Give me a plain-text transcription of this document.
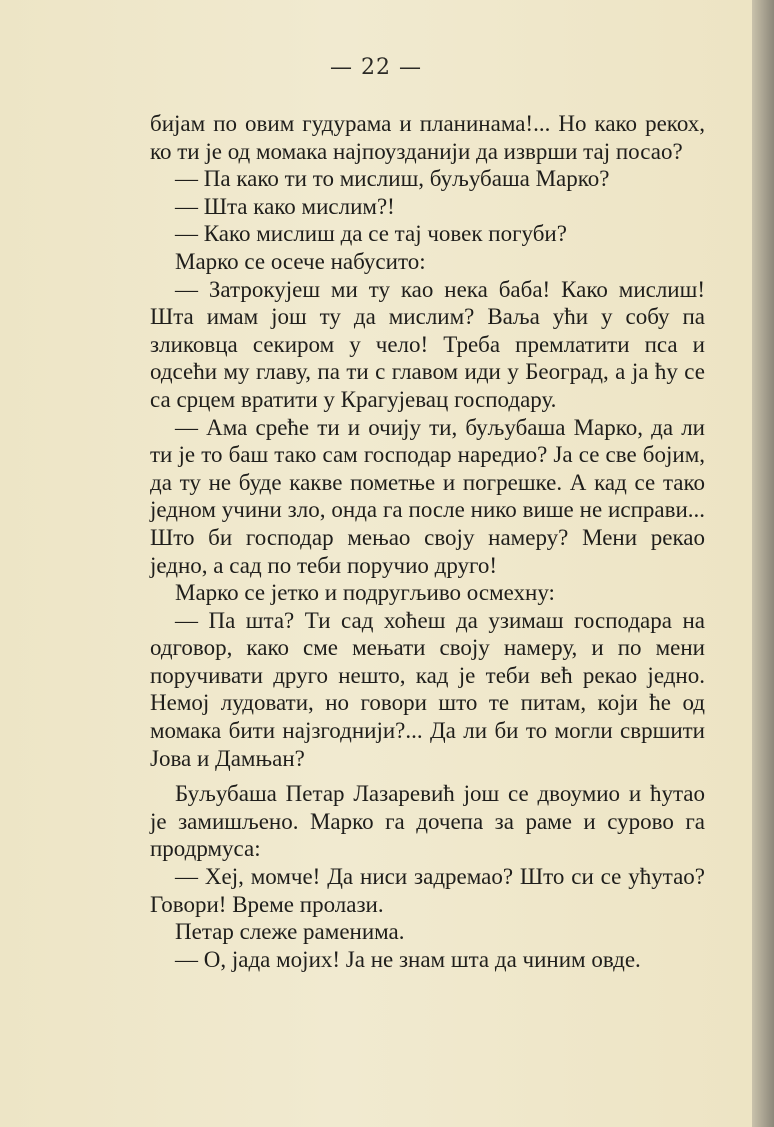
— 22 —

бијам по овим гудурама и планинама!... Но како рекох, ко ти је од момака најпоузданији да изврши тај посао?

— Па како ти то мислиш, буљубаша Марко?

— Шта како мислим?!

— Како мислиш да се тај човек погуби?

Марко се осече набусито:

— Затрокујеш ми ту као нека баба! Како мислиш! Шта имам још ту да мислим? Ваља ући у собу па зликовца секиром у чело! Треба премлатити пса и одсећи му главу, па ти с главом иди у Београд, а ја ћу се са срцем вратити у Крагујевац господару.

— Ама среће ти и очију ти, буљубаша Марко, да ли ти је то баш тако сам господар наредио? Ја се све бојим, да ту не буде какве пометње и погрешке. А кад се тако једном учини зло, онда га после нико више не исправи... Што би господар мењао своју намеру? Мени рекао једно, а сад по теби поручио друго!

Марко се јетко и подругљиво осмехну:

— Па шта? Ти сад хоћеш да узимаш господара на одговор, како сме мењати своју намеру, и по мени поручивати друго нешто, кад је теби већ рекао једно. Немој лудовати, но говори што те питам, који ће од момака бити најзгоднији?... Да ли би то могли свршити Јова и Дамњан?

Буљубаша Петар Лазаревић још се двоумио и ћутао је замишљено. Марко га дочепа за раме и сурово га продрмуса:

— Хеј, момче! Да ниси задремао? Што си се ућутао? Говори! Време пролази.

Петар слеже раменима.

— О, јада мојих! Ја не знам шта да чиним овде.
